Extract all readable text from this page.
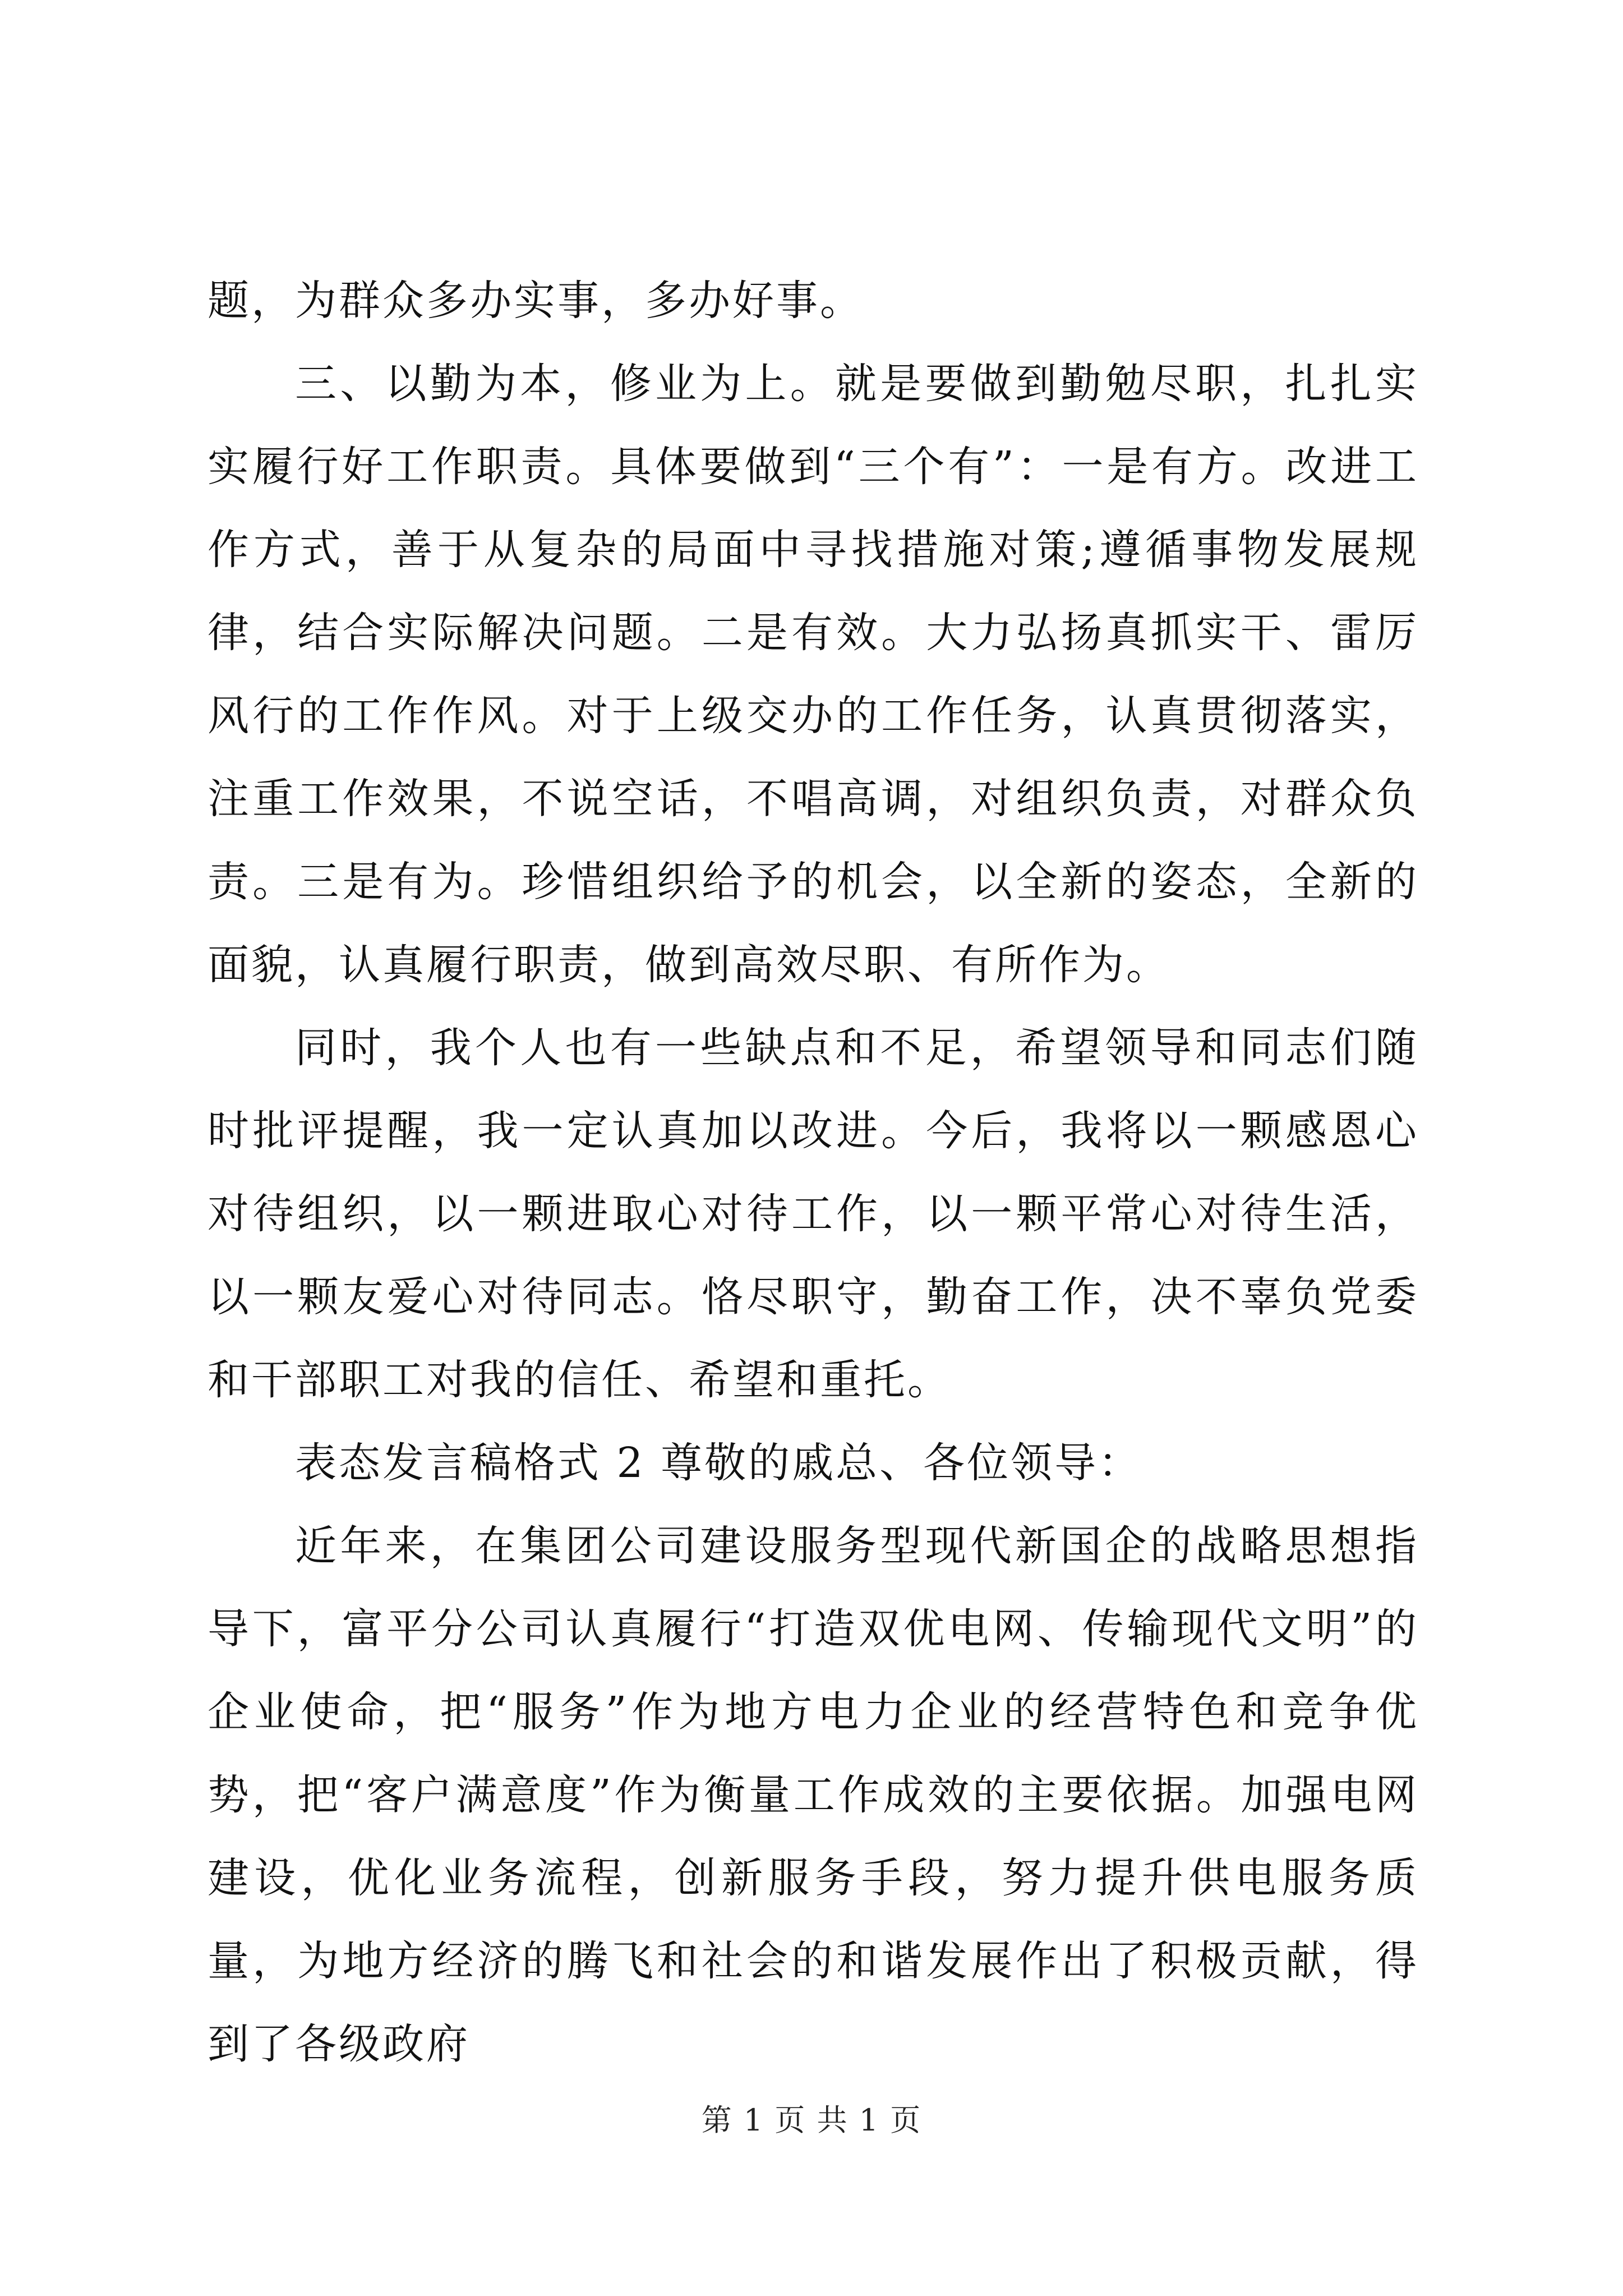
题，为群众多办实事，多办好事。

三、以勤为本，修业为上。就是要做到勤勉尽职，扎扎实实履行好工作职责。具体要做到“三个有”：一是有方。改进工作方式，善于从复杂的局面中寻找措施对策;遵循事物发展规律，结合实际解决问题。二是有效。大力弘扬真抓实干、雷厉风行的工作作风。对于上级交办的工作任务，认真贯彻落实，注重工作效果，不说空话，不唱高调，对组织负责，对群众负责。三是有为。珍惜组织给予的机会，以全新的姿态，全新的面貌，认真履行职责，做到高效尽职、有所作为。

同时，我个人也有一些缺点和不足，希望领导和同志们随时批评提醒，我一定认真加以改进。今后，我将以一颗感恩心对待组织，以一颗进取心对待工作，以一颗平常心对待生活，以一颗友爱心对待同志。恪尽职守，勤奋工作，决不辜负党委和干部职工对我的信任、希望和重托。

表态发言稿格式 2 尊敬的戚总、各位领导：

近年来，在集团公司建设服务型现代新国企的战略思想指导下，富平分公司认真履行“打造双优电网、传输现代文明”的企业使命，把“服务”作为地方电力企业的经营特色和竞争优势，把“客户满意度”作为衡量工作成效的主要依据。加强电网建设，优化业务流程，创新服务手段，努力提升供电服务质量，为地方经济的腾飞和社会的和谐发展作出了积极贡献，得到了各级政府

第 1 页 共 1 页
